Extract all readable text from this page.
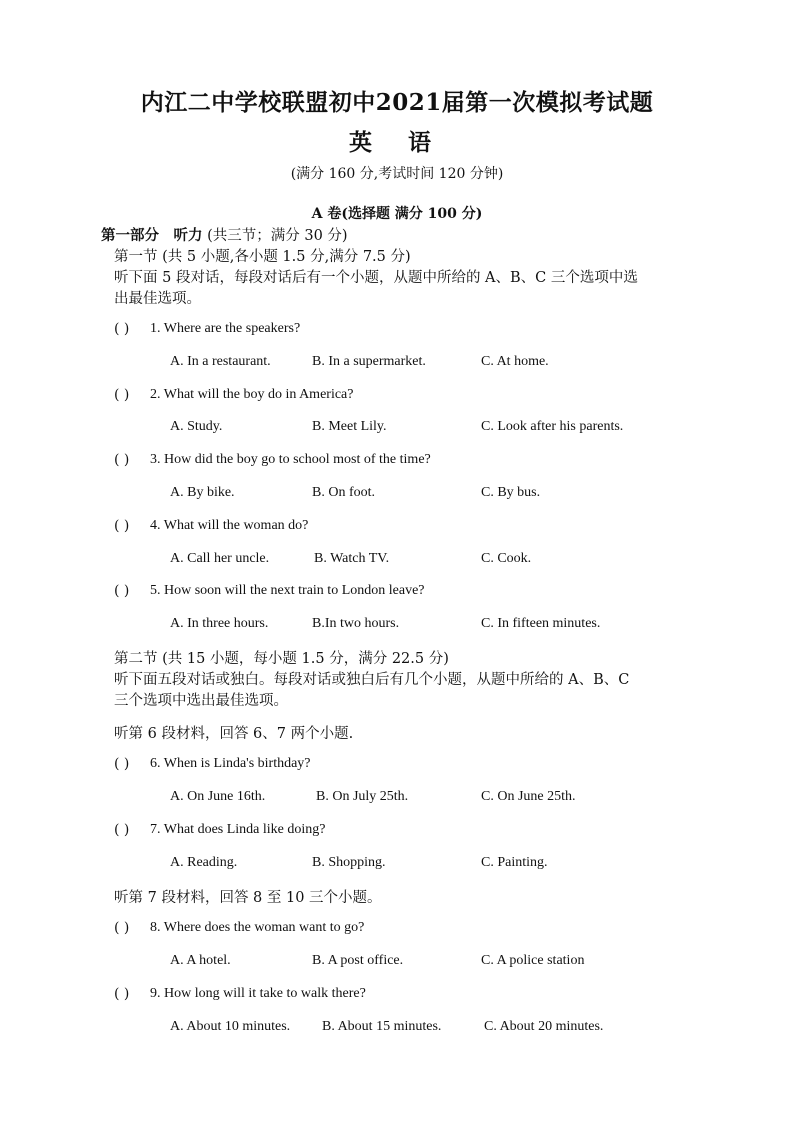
内江二中学校联盟初中2021届第一次模拟考试题
英 语
(满分 160 分,考试时间 120 分钟)
A 卷(选择题 满分 100 分)
第一部分　听力 (共三节；满分 30 分)
第一节 (共 5 小题,各小题 1.5 分,满分 7.5 分)
听下面 5 段对话，每段对话后有一个小题，从题中所给的 A、B、C 三个选项中选
出最佳选项。
( ) 1. Where are the speakers?
A. In a restaurant.	B. In a supermarket.	C. At home.
( ) 2. What will the boy do in America?
A. Study.	B. Meet Lily.	C. Look after his parents.
( ) 3. How did the boy go to school most of the time?
A. By bike.	B. On foot.	C. By bus.
( ) 4. What will the woman do?
A. Call her uncle.	B. Watch TV.	C. Cook.
( ) 5. How soon will the next train to London leave?
A. In three hours.	B.In two hours.	C. In fifteen minutes.
第二节 (共 15 小题，每小题 1.5 分，满分 22.5 分)
听下面五段对话或独白。每段对话或独白后有几个小题，从题中所给的 A、B、C
三个选项中选出最佳选项。
听第 6 段材料，回答 6、7 两个小题.
( ) 6. When is Linda's birthday?
A. On June 16th.	B. On July 25th.	C. On June 25th.
( ) 7. What does Linda like doing?
A. Reading.	B. Shopping.	C. Painting.
听第 7 段材料，回答 8 至 10 三个小题。
( ) 8. Where does the woman want to go?
A. A hotel.	B. A post office.	C. A police station
( ) 9. How long will it take to walk there?
A. About 10 minutes. B. About 15 minutes.	C. About 20 minutes.
